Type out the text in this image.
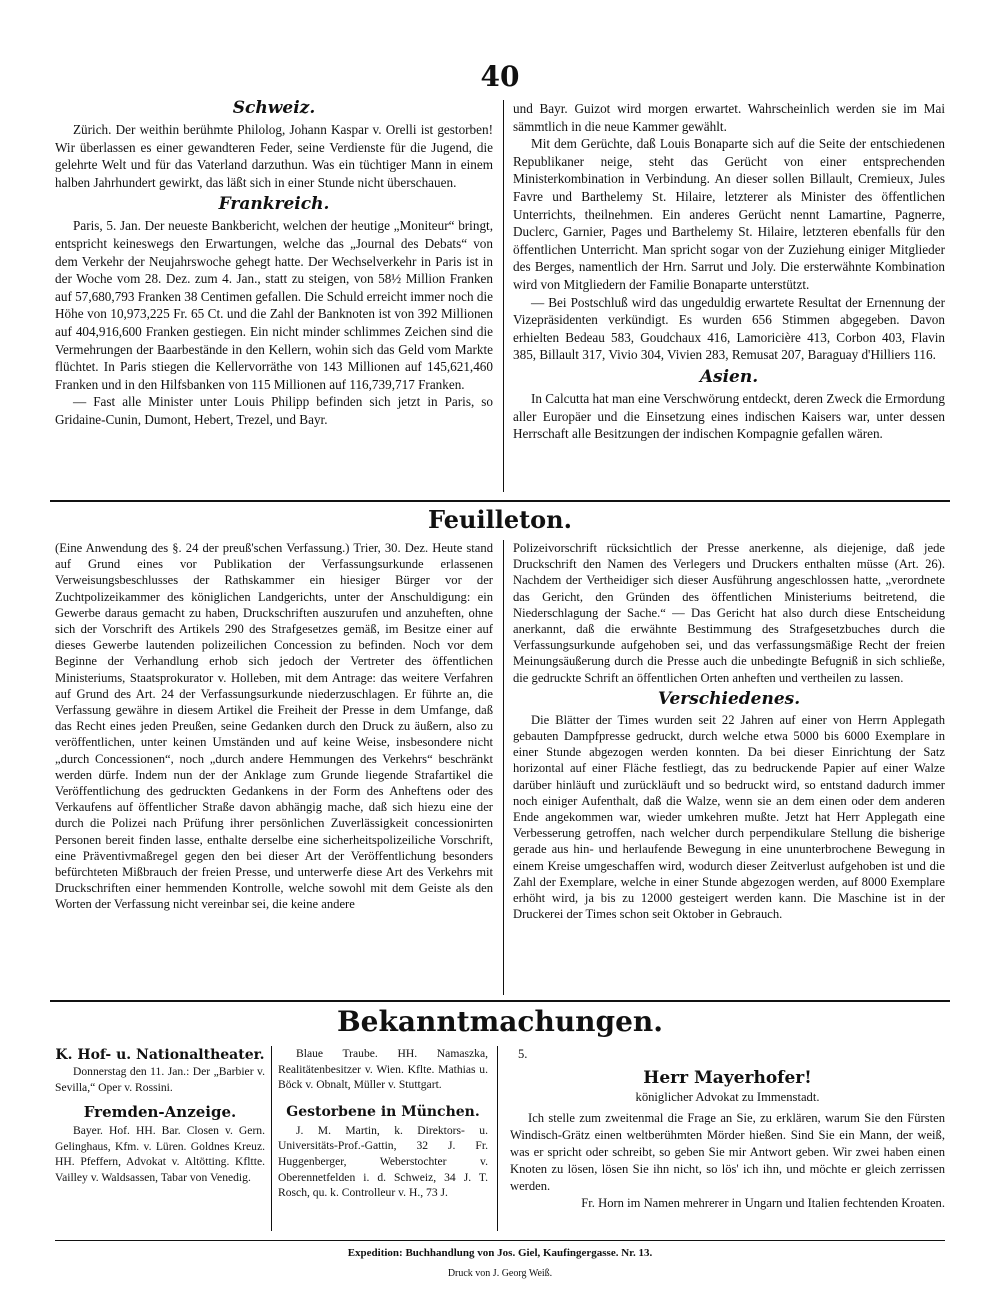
40
Schweiz.

Zürich. Der weithin berühmte Philolog, Johann Kaspar v. Orelli ist gestorben! Wir überlassen es einer gewandteren Feder, seine Verdienste für die Jugend, die gelehrte Welt und für das Vaterland darzuthun. Was ein tüchtiger Mann in einem halben Jahrhundert gewirkt, das läßt sich in einer Stunde nicht überschauen.

Frankreich.

Paris, 5. Jan. Der neueste Bankbericht, welchen der heutige „Moniteur“ bringt, entspricht keineswegs den Erwartungen, welche das „Journal des Debats“ von dem Verkehr der Neujahrswoche gehegt hatte. Der Wechselverkehr in Paris ist in der Woche vom 28. Dez. zum 4. Jan., statt zu steigen, von 58½ Million Franken auf 57,680,793 Franken 38 Centimen gefallen. Die Schuld erreicht immer noch die Höhe von 10,973,225 Fr. 65 Ct. und die Zahl der Banknoten ist von 392 Millionen auf 404,916,600 Franken gestiegen. Ein nicht minder schlimmes Zeichen sind die Vermehrungen der Baarbestände in den Kellern, wohin sich das Geld vom Markte flüchtet. In Paris stiegen die Kellervorräthe von 143 Millionen auf 145,621,460 Franken und in den Hilfsbanken von 115 Millionen auf 116,739,717 Franken.

— Fast alle Minister unter Louis Philipp befinden sich jetzt in Paris, so Gridaine-Cunin, Dumont, Hebert, Trezel, und Bayr.

und Bayr. Guizot wird morgen erwartet. Wahrscheinlich werden sie im Mai sämmtlich in die neue Kammer gewählt.

Mit dem Gerüchte, daß Louis Bonaparte sich auf die Seite der entschiedenen Republikaner neige, steht das Gerücht von einer entsprechenden Ministerkombination in Verbindung. An dieser sollen Billault, Cremieux, Jules Favre und Barthelemy St. Hilaire, letzterer als Minister des öffentlichen Unterrichts, theilnehmen. Ein anderes Gerücht nennt Lamartine, Pagnerre, Duclerc, Garnier, Pages und Barthelemy St. Hilaire, letzteren ebenfalls für den öffentlichen Unterricht. Man spricht sogar von der Zuziehung einiger Mitglieder des Berges, namentlich der Hrn. Sarrut und Joly. Die ersterwähnte Kombination wird von Mitgliedern der Familie Bonaparte unterstützt.

— Bei Postschluß wird das ungeduldig erwartete Resultat der Ernennung der Vizepräsidenten verkündigt. Es wurden 656 Stimmen abgegeben. Davon erhielten Bedeau 583, Goudchaux 416, Lamoricière 413, Corbon 403, Flavin 385, Billault 317, Vivio 304, Vivien 283, Remusat 207, Baraguay d'Hilliers 116.

Asien.

In Calcutta hat man eine Verschwörung entdeckt, deren Zweck die Ermordung aller Europäer und die Einsetzung eines indischen Kaisers war, unter dessen Herrschaft alle Besitzungen der indischen Kompagnie gefallen wären.

Feuilleton.

(Eine Anwendung des §. 24 der preuß'schen Verfassung.) Trier, 30. Dez. Heute stand auf Grund eines vor Publikation der Verfassungsurkunde erlassenen Verweisungsbeschlusses der Rathskammer ein hiesiger Bürger vor der Zuchtpolizeikammer des königlichen Landgerichts, unter der Anschuldigung: ein Gewerbe daraus gemacht zu haben, Druckschriften auszurufen und anzuheften, ohne sich der Vorschrift des Artikels 290 des Strafgesetzes gemäß, im Besitze einer auf dieses Gewerbe lautenden polizeilichen Concession zu befinden. Noch vor dem Beginne der Verhandlung erhob sich jedoch der Vertreter des öffentlichen Ministeriums, Staatsprokurator v. Holleben, mit dem Antrage: das weitere Verfahren auf Grund des Art. 24 der Verfassungsurkunde niederzuschlagen. Er führte an, die Verfassung gewähre in diesem Artikel die Freiheit der Presse in dem Umfange, daß das Recht eines jeden Preußen, seine Gedanken durch den Druck zu äußern, also zu veröffentlichen, unter keinen Umständen und auf keine Weise, insbesondere nicht „durch Concessionen“, noch „durch andere Hemmungen des Verkehrs“ beschränkt werden dürfe. Indem nun der der Anklage zum Grunde liegende Strafartikel die Veröffentlichung des gedruckten Gedankens in der Form des Anheftens oder des Verkaufens auf öffentlicher Straße davon abhängig mache, daß sich hiezu eine der durch die Polizei nach Prüfung ihrer persönlichen Zuverlässigkeit concessionirten Personen bereit finden lasse, enthalte derselbe eine sicherheitspolizeiliche Vorschrift, eine Präventivmaßregel gegen den bei dieser Art der Veröffentlichung besonders befürchteten Mißbrauch der freien Presse, und unterwerfe diese Art des Verkehrs mit Druckschriften einer hemmenden Kontrolle, welche sowohl mit dem Geiste als den Worten der Verfassung nicht vereinbar sei, die keine andere

Polizeivorschrift rücksichtlich der Presse anerkenne, als diejenige, daß jede Druckschrift den Namen des Verlegers und Druckers enthalten müsse (Art. 26). Nachdem der Vertheidiger sich dieser Ausführung angeschlossen hatte, „verordnete das Gericht, den Gründen des öffentlichen Ministeriums beitretend, die Niederschlagung der Sache.“ — Das Gericht hat also durch diese Entscheidung anerkannt, daß die erwähnte Bestimmung des Strafgesetzbuches durch die Verfassungsurkunde aufgehoben sei, und das verfassungsmäßige Recht der freien Meinungsäußerung durch die Presse auch die unbedingte Befugniß in sich schließe, die gedruckte Schrift an öffentlichen Orten anheften und vertheilen zu lassen.

Verschiedenes.

Die Blätter der Times wurden seit 22 Jahren auf einer von Herrn Applegath gebauten Dampfpresse gedruckt, durch welche etwa 5000 bis 6000 Exemplare in einer Stunde abgezogen werden konnten. Da bei dieser Einrichtung der Satz horizontal auf einer Fläche festliegt, das zu bedruckende Papier auf einer Walze darüber hinläuft und zurückläuft und so bedruckt wird, so entstand dadurch immer noch einiger Aufenthalt, daß die Walze, wenn sie an dem einen oder dem anderen Ende angekommen war, wieder umkehren mußte. Jetzt hat Herr Applegath eine Verbesserung getroffen, nach welcher durch perpendikulare Stellung die bisherige gerade aus hin- und herlaufende Bewegung in eine ununterbrochene Bewegung in einem Kreise umgeschaffen wird, wodurch dieser Zeitverlust aufgehoben ist und die Zahl der Exemplare, welche in einer Stunde abgezogen werden, auf 8000 Exemplare erhöht wird, ja bis zu 12000 gesteigert werden kann. Die Maschine ist in der Druckerei der Times schon seit Oktober in Gebrauch.

Bekanntmachungen.
K. Hof- u. Nationaltheater.

Donnerstag den 11. Jan.: Der „Barbier v. Sevilla,“ Oper v. Rossini.

Fremden-Anzeige.

Bayer. Hof. HH. Bar. Closen v. Gern. Gelinghaus, Kfm. v. Lüren. Goldnes Kreuz. HH. Pfeffern, Advokat v. Altötting. Kfltte. Vailley v. Waldsassen, Tabar von Venedig.

Blaue Traube. HH. Namaszka, Realitätenbesitzer v. Wien. Kflte. Mathias u. Böck v. Obnalt, Müller v. Stuttgart.

Gestorbene in München.

J. M. Martin, k. Direktors- u. Universitäts-Prof.-Gattin, 32 J. Fr. Huggenberger, Weberstochter v. Oberennetfelden i. d. Schweiz, 34 J. T. Rosch, qu. k. Controlleur v. H., 73 J.

5.
Herr Mayerhofer!
königlicher Advokat zu Immenstadt.

Ich stelle zum zweitenmal die Frage an Sie, zu erklären, warum Sie den Fürsten Windisch-Grätz einen weltberühmten Mörder hießen. Sind Sie ein Mann, der weiß, was er spricht oder schreibt, so geben Sie mir Antwort geben. Wir zwei haben einen Knoten zu lösen, lösen Sie ihn nicht, so lös' ich ihn, und möchte er gleich zerrissen werden.

Fr. Horn im Namen mehrerer in Ungarn und Italien fechtenden Kroaten.

Expedition: Buchhandlung von Jos. Giel, Kaufingergasse. Nr. 13.
Druck von J. Georg Weiß.
